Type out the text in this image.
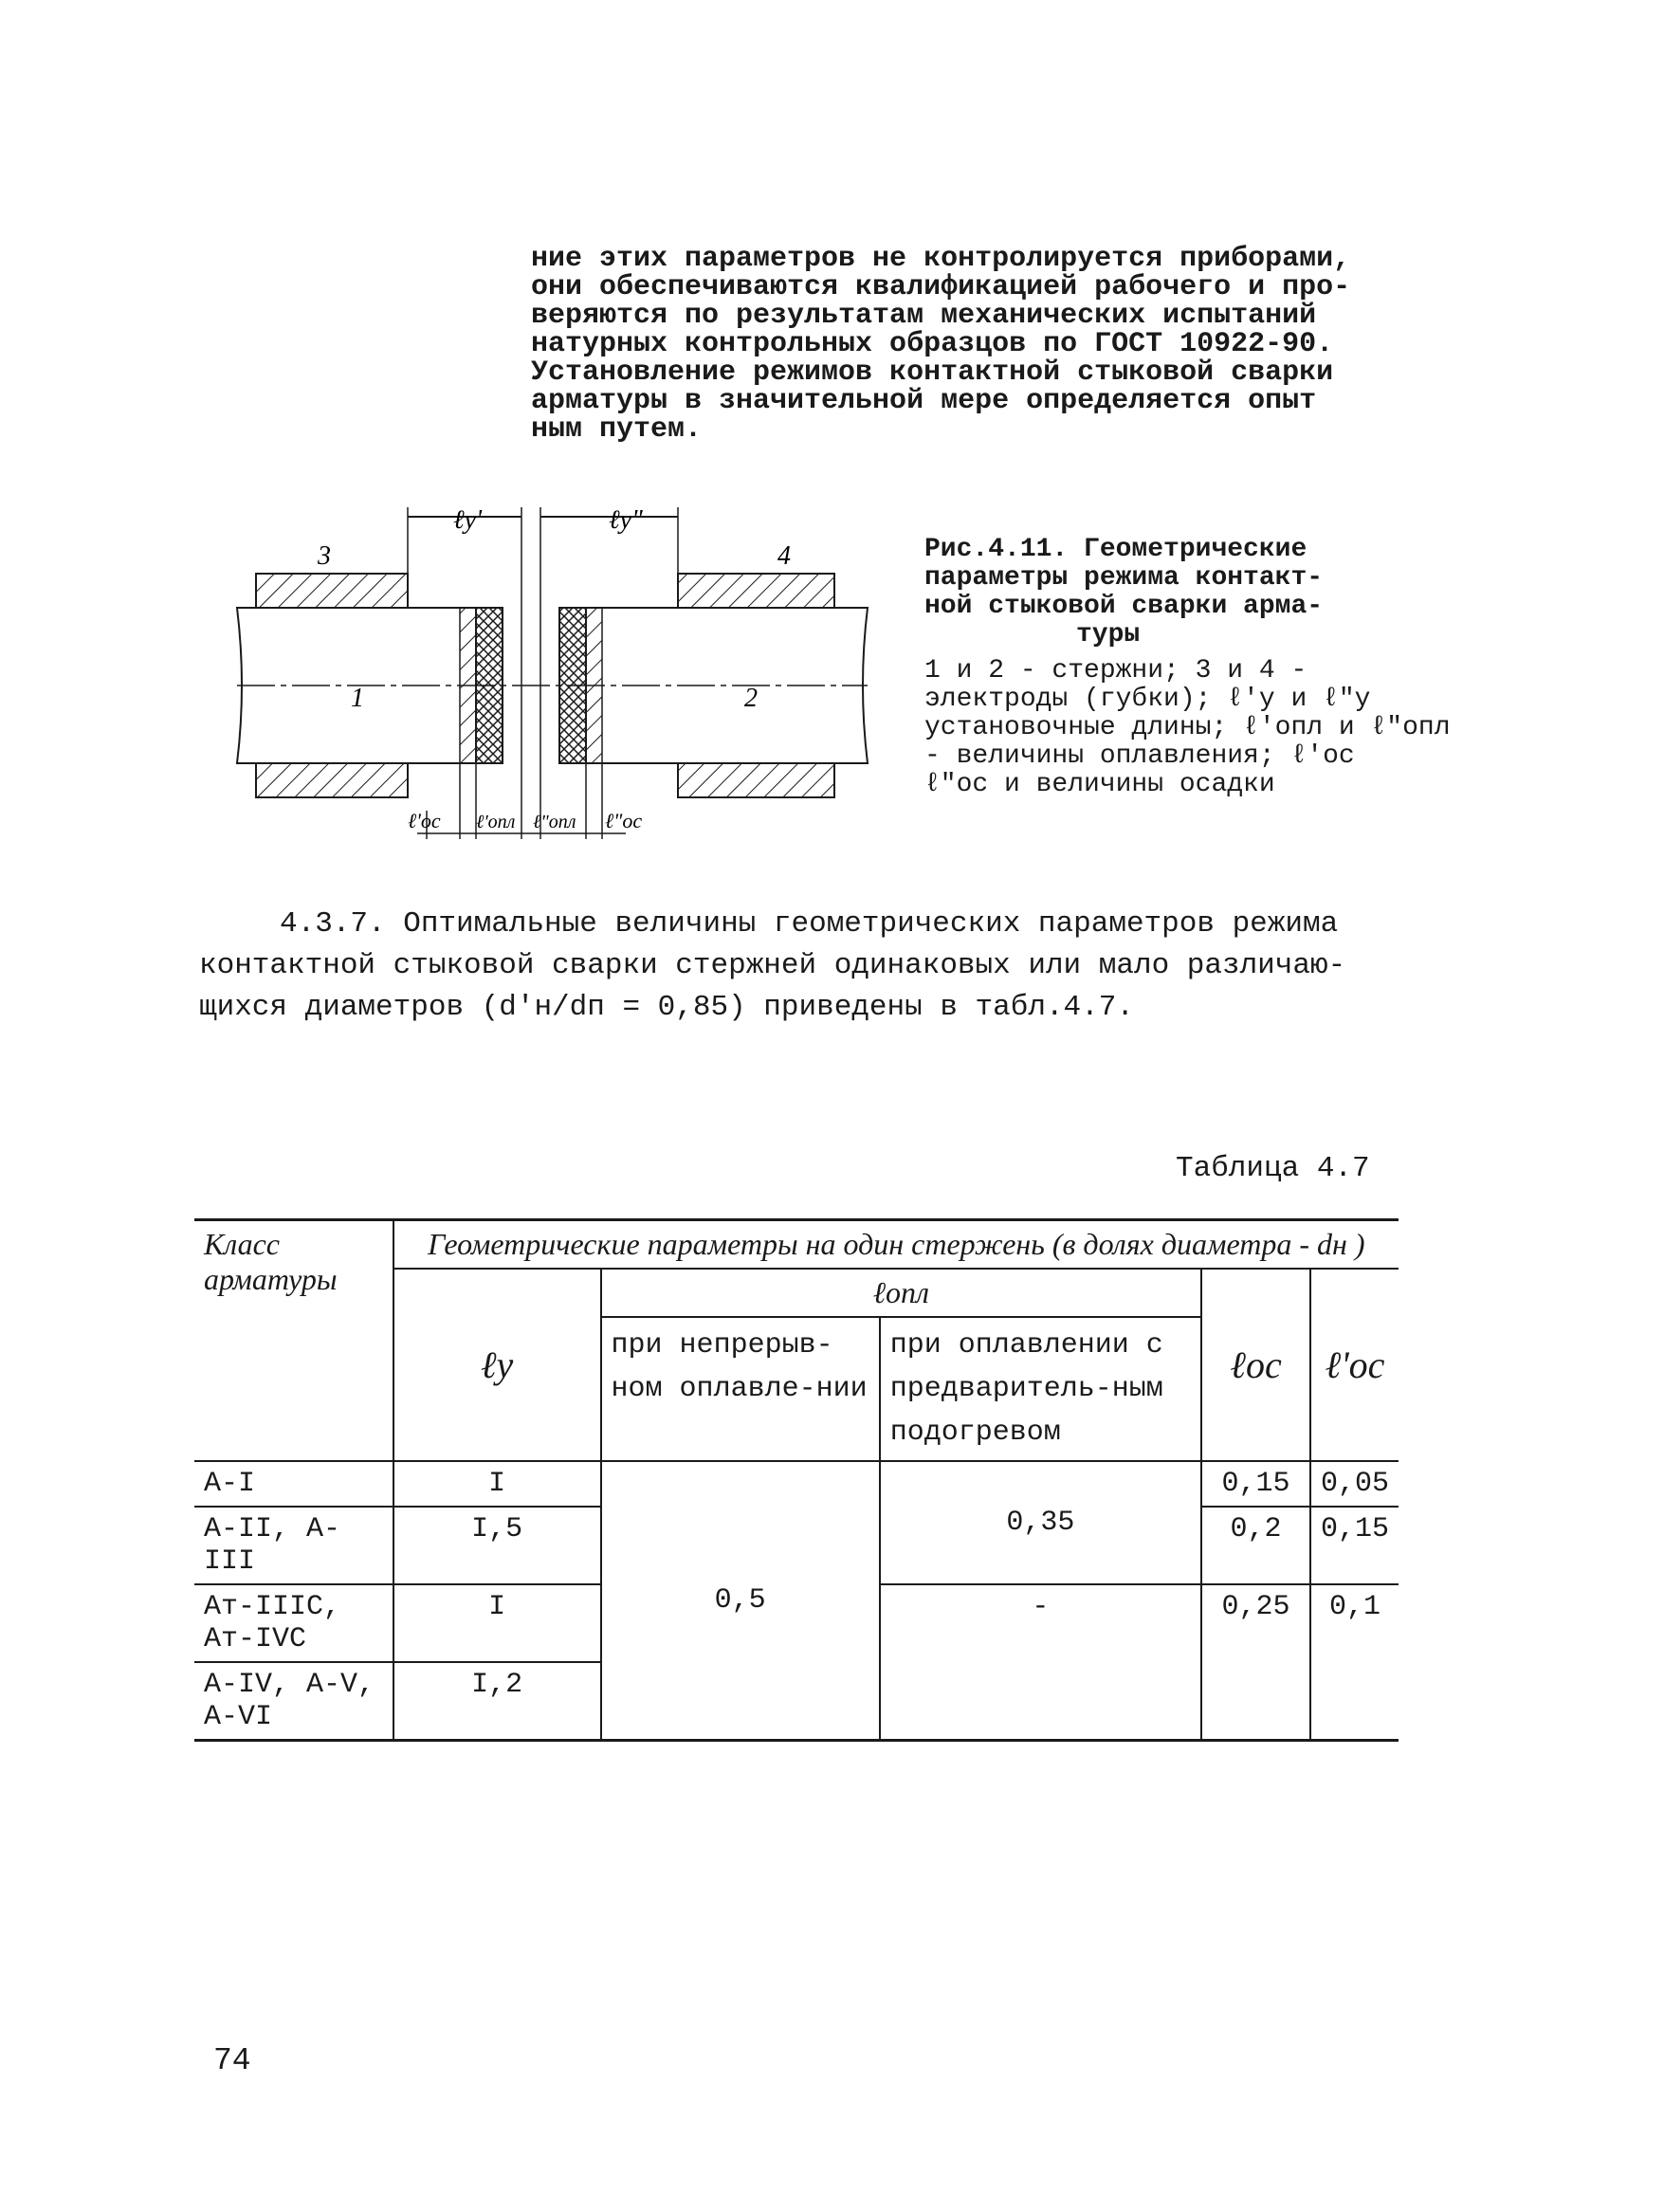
ние этих параметров не контролируется приборами,
они обеспечиваются квалификацией рабочего и про-
веряются по результатам механических испытаний
натурных контрольных образцов по ГОСТ 10922-90.
Установление режимов контактной стыковой сварки
арматуры в значительной мере определяется опыт
ным путем.
ℓy'	ℓy"
3	4
1	2
ℓ'oc ℓ'опл ℓ"опл ℓ"oc
Рис.4.11. Геометрические
параметры режима контакт-
ной стыковой сварки арма-
туры
1 и 2 - стержни; 3 и 4 -
электроды (губки); ℓ'у и ℓ"у
установочные длины; ℓ'опл и ℓ"опл
- величины оплавления; ℓ'ос
ℓ"ос и величины осадки
4.3.7. Оптимальные величины геометрических параметров режима
контактной стыковой сварки стержней одинаковых или мало различаю-
щихся диаметров (d'н/dп = 0,85) приведены в табл.4.7.
Таблица 4.7
Класс арматуры	Геометрические параметры на один стержень (в долях диаметра - dн )				
	ℓу	ℓопл		ℓос	ℓ'ос
		при непрерыв-ном оплавле-нии	при оплавлении с предваритель-ным подогревом		
А-I	I	0,5	0,35	0,15	0,05
А-II, А-III	I,5			0,2	0,15
Ат-IIIС, Ат-IVС	I		-	0,25	0,1
А-IV, А-V, А-VI	I,2				
74
